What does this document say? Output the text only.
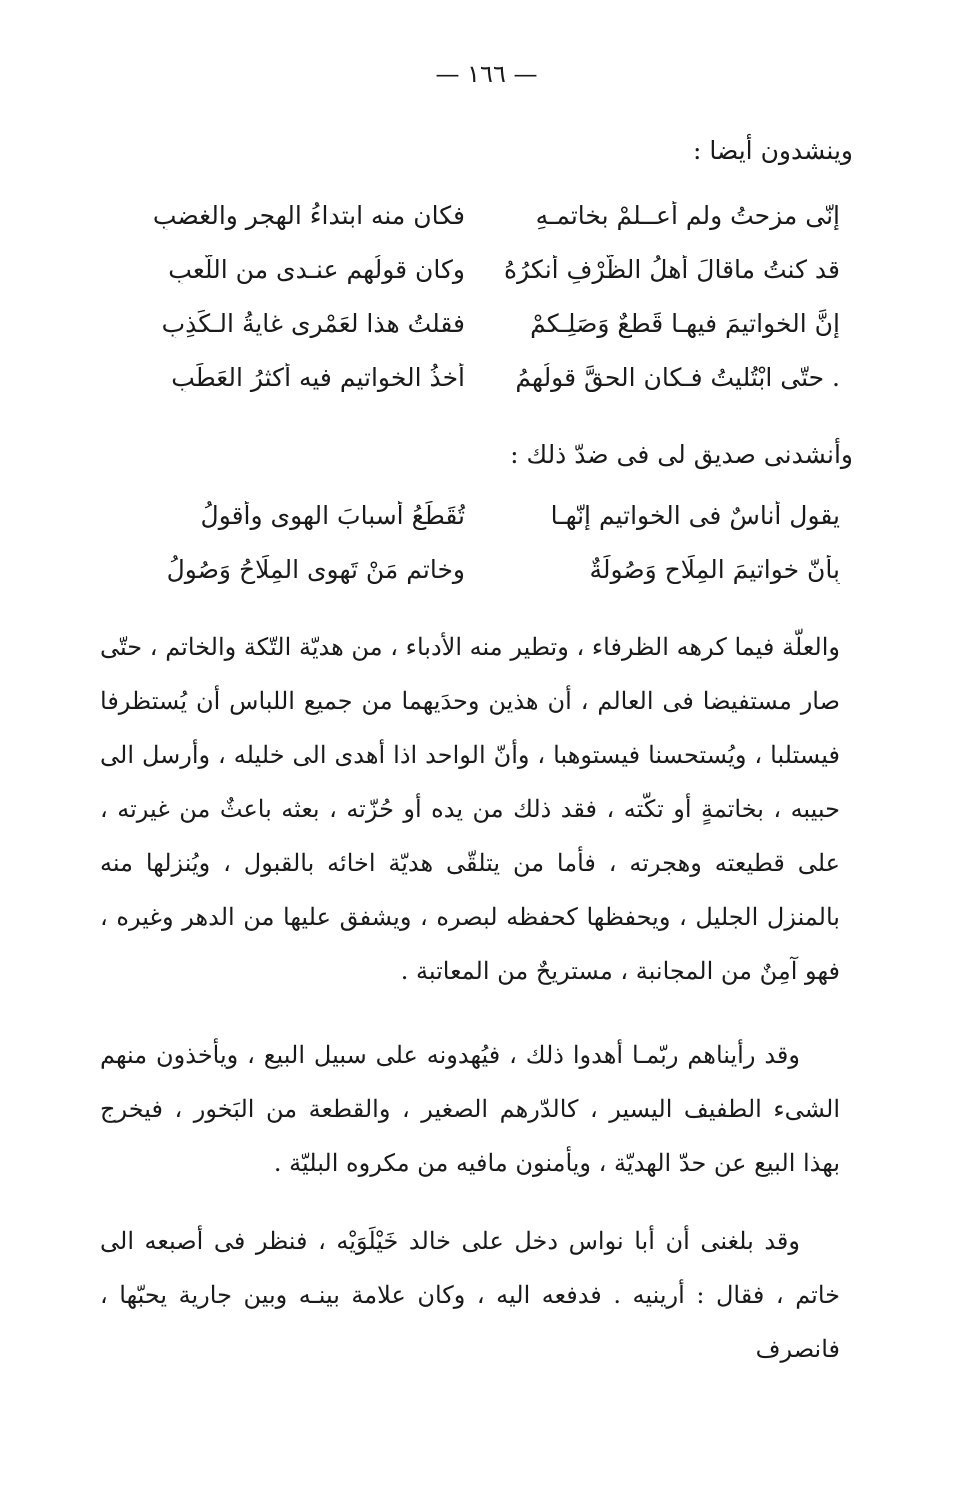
— ١٦٦ —
وينشدون أيضا :
إنّى مزحتُ ولم أعــلمْ بخاتمـهِ
فكان منه ابتداءُ الهجر والغضبِ
قد كنتُ ماقالَ أهلُ الظَّرْفِ أُنكرُهُ
وكان قولُهم عنـدى من اللّعبِ
إنَّ الخواتيمَ فيهـا قَطعٌ وَصَلِـكمْ
فقلتُ هذا لعَمْرى غايةُ الـكَذِبِ
. حتّى ابْتُليتُ فـكان الحقَّ قولُهمُ
أخذُ الخواتيمِ فيه أكثرُ العَطَبِ
وأنشدنى صديق لى فى ضدّ ذلك :
يقول أناسٌ فى الخواتيمِ إنّهـا
تُقَطِّعُ أسبابَ الهوى وأقولُ
بِأنّ خواتيمَ المِلَاحِ وَصُولَةٌ
وخاتمِ مَنْ تَهوى المِلَاحُ وَصُولُ

والعلّة فيما كرهه الظرفاء ، وتطير منه الأدباء ، من هديّة التّكة والخاتم ، حتّى صار مستفيضا فى العالم ، أن هذين وحدَيهما من جميع اللباس أن يُستظرفا فيستلبا ، ويُستحسنا فيستوهبا ، وأنّ الواحد اذا أهدى الى خليله ، وأرسل الى حبيبه ، بخاتمةٍ أو تكّته ، فقد ذلك من يده أو حُزّته ، بعثه باعثٌ من غيرته ، على قطيعته وهجرته ، فأما من يتلقّى هديّة اخائه بالقبول ، ويُنزلها منه بالمنزل الجليل ، ويحفظها كحفظه لبصره ، ويشفق عليها من الدهر وغيره ، فهو آمِنٌ من المجانبة ، مستريحٌ من المعاتبة .

وقد رأيناهم ربّمـا أهدوا ذلك ، فيُهدونه على سبيل البيع ، ويأخذون منهم الشىء الطفيف اليسير ، كالدّرهم الصغير ، والقطعة من البَخور ، فيخرج بهذا البيع عن حدّ الهديّة ، ويأمنون مافيه من مكروه البليّة .

وقد بلغنى أن أبا نواس دخل على خالد خَيْلَوَيْه ، فنظر فى أصبعه الى خاتم ، فقال : أرينيه . فدفعه اليه ، وكان علامة بينـه وبين جارية يحبّها ، فانصرف
